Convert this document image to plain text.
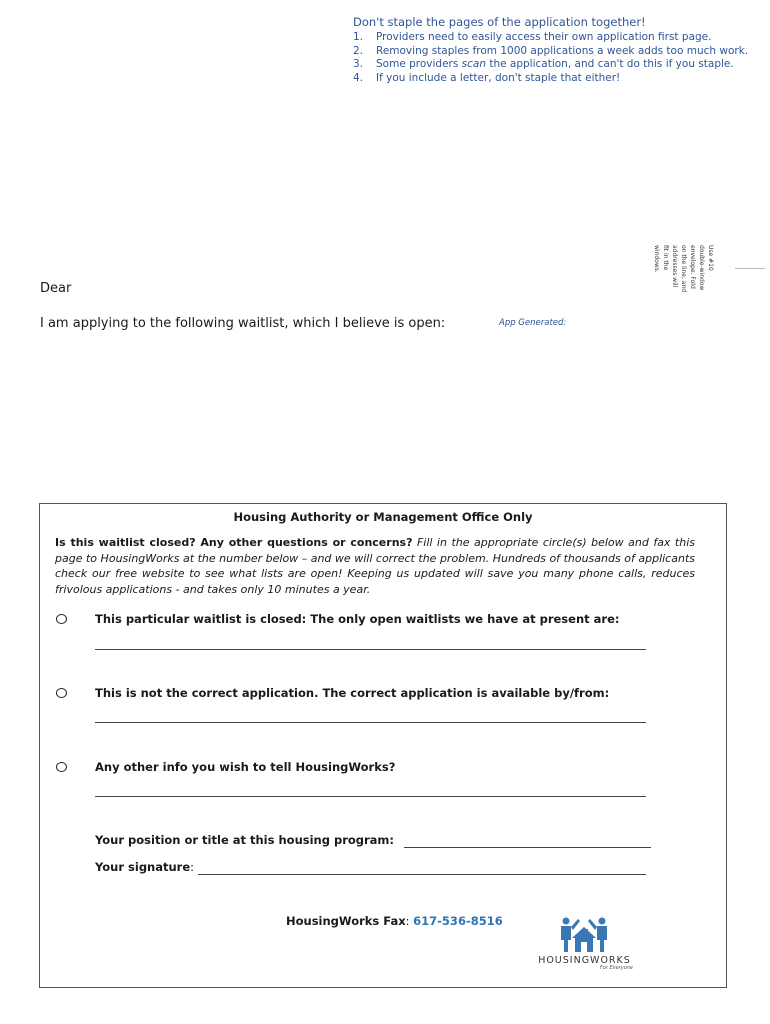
Don't staple the pages of the application together!
1.	Providers need to easily access their own application first page.
2.	Removing staples from 1000 applications a week adds too much work.
3.	Some providers scan the application, and can't do this if you staple.
4.	If you include a letter, don't staple that either!

Use #10 double-window envelope. Fold on the line, and addresses will fit in the windows.

Dear
I am applying to the following waitlist, which I believe is open:	App Generated:
Housing Authority or Management Office Only
Is this waitlist closed? Any other questions or concerns? Fill in the appropriate circle(s) below and fax this page to HousingWorks at the number below – and we will correct the problem. Hundreds of thousands of applicants check our free website to see what lists are open! Keeping us updated will save you many phone calls, reduces frivolous applications - and takes only 10 minutes a year.
This particular waitlist is closed: The only open waitlists we have at present are:
This is not the correct application. The correct application is available by/from:
Any other info you wish to tell HousingWorks?
Your position or title at this housing program:
Your signature:
HousingWorks Fax: 617-536-8516
HOUSINGWORKS
For Everyone
